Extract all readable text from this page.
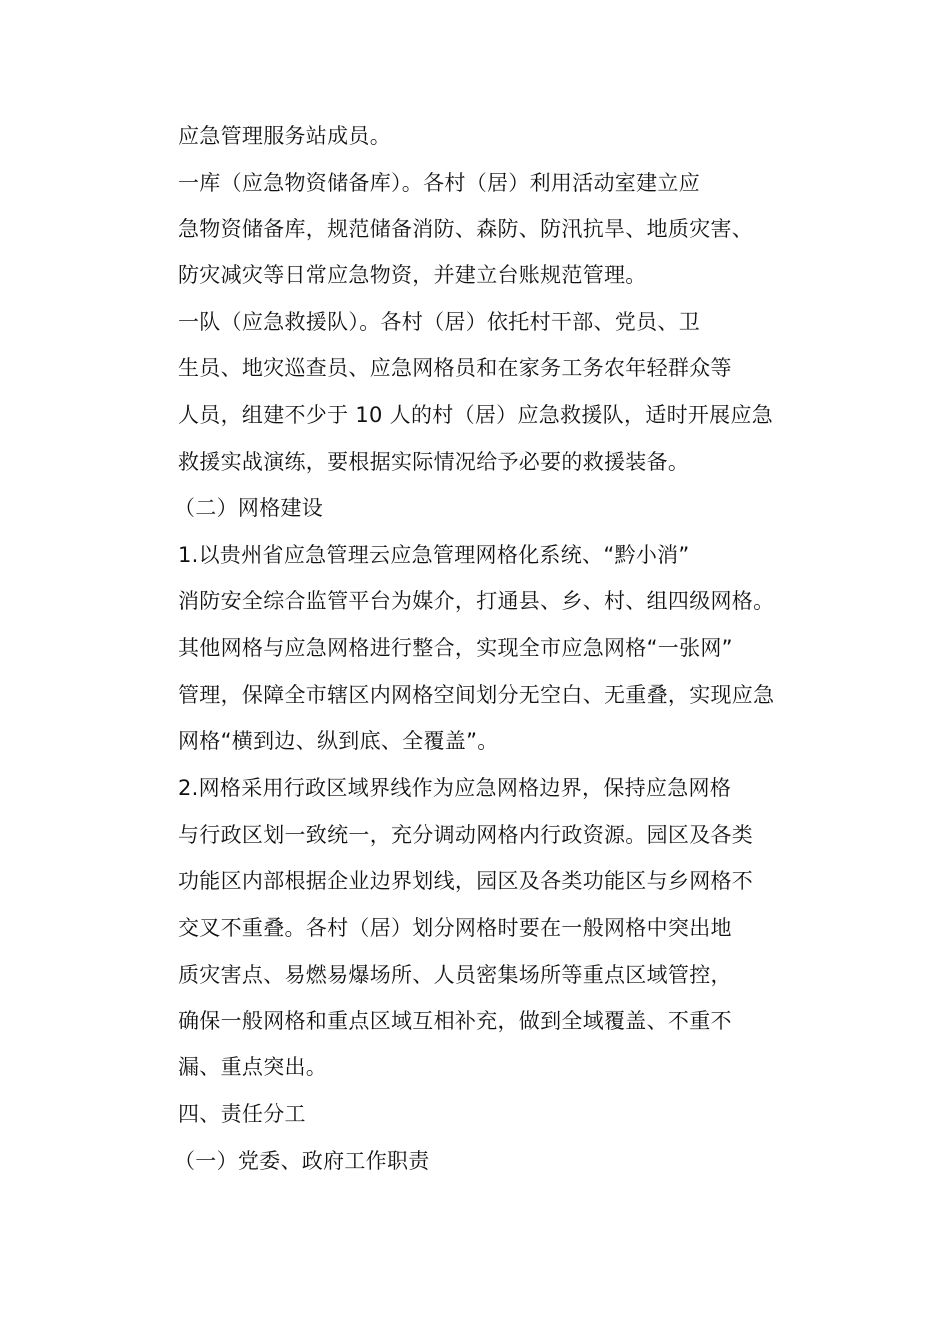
应急管理服务站成员。
一库（应急物资储备库）。各村（居）利用活动室建立应
急物资储备库，规范储备消防、森防、防汛抗旱、地质灾害、
防灾减灾等日常应急物资，并建立台账规范管理。
一队（应急救援队）。各村（居）依托村干部、党员、卫
生员、地灾巡查员、应急网格员和在家务工务农年轻群众等
人员，组建不少于 10 人的村（居）应急救援队，适时开展应急
救援实战演练，要根据实际情况给予必要的救援装备。
（二）网格建设
1.以贵州省应急管理云应急管理网格化系统、“黔小消”
消防安全综合监管平台为媒介，打通县、乡、村、组四级网格。
其他网格与应急网格进行整合，实现全市应急网格“一张网”
管理，保障全市辖区内网格空间划分无空白、无重叠，实现应急
网格“横到边、纵到底、全覆盖”。
2.网格采用行政区域界线作为应急网格边界，保持应急网格
与行政区划一致统一，充分调动网格内行政资源。园区及各类
功能区内部根据企业边界划线，园区及各类功能区与乡网格不
交叉不重叠。各村（居）划分网格时要在一般网格中突出地
质灾害点、易燃易爆场所、人员密集场所等重点区域管控，
确保一般网格和重点区域互相补充，做到全域覆盖、不重不
漏、重点突出。
四、责任分工
（一）党委、政府工作职责
